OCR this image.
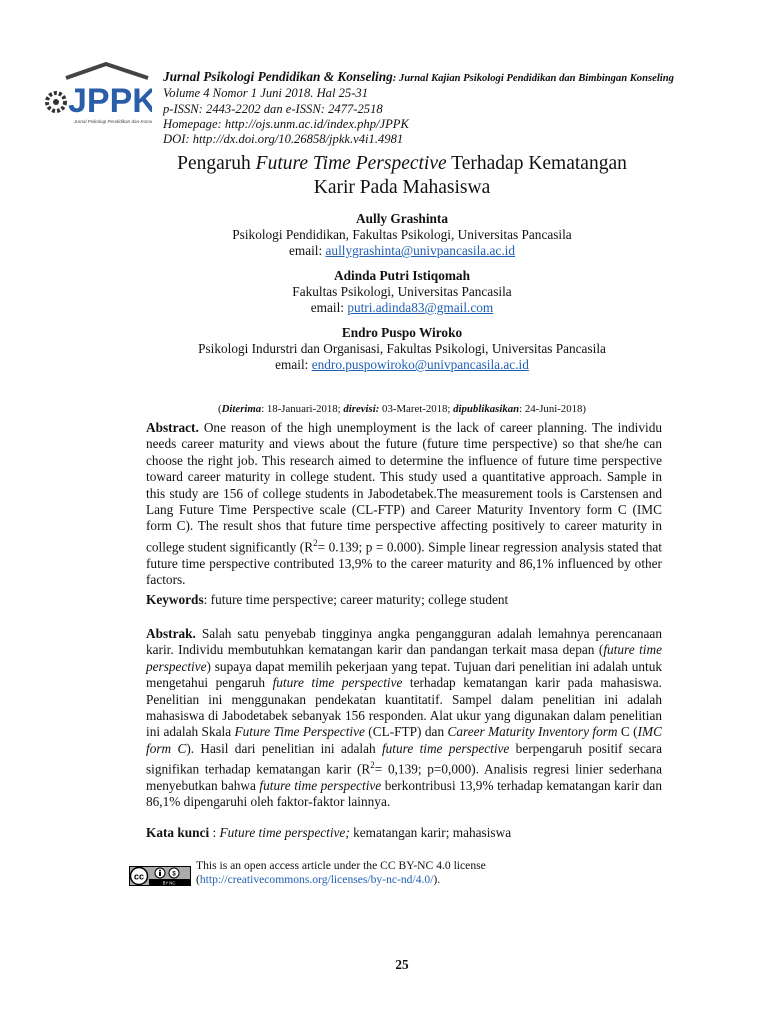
JPPK
Jurnal Psikologi Pendidikan dan Konseling
Jurnal Psikologi Pendidikan & Konseling: Jurnal Kajian Psikologi Pendidikan dan Bimbingan Konseling
Volume 4 Nomor 1 Juni 2018. Hal 25-31
p-ISSN: 2443-2202 dan e-ISSN: 2477-2518
Homepage: http://ojs.unm.ac.id/index.php/JPPK
DOI: http://dx.doi.org/10.26858/jpkk.v4i1.4981
Pengaruh Future Time Perspective Terhadap Kematangan
Karir Pada Mahasiswa
Aully Grashinta
Psikologi Pendidikan, Fakultas Psikologi, Universitas Pancasila
email: aullygrashinta@univpancasila.ac.id
Adinda Putri Istiqomah
Fakultas Psikologi, Universitas Pancasila
email: putri.adinda83@gmail.com
Endro Puspo Wiroko
Psikologi Indurstri dan Organisasi, Fakultas Psikologi, Universitas Pancasila
email: endro.puspowiroko@univpancasila.ac.id
(Diterima: 18-Januari-2018; direvisi: 03-Maret-2018; dipublikasikan: 24-Juni-2018)
Abstract. One reason of the high unemployment is the lack of career planning. The individu needs career maturity and views about the future (future time perspective) so that she/he can choose the right job. This research aimed to determine the influence of future time perspective toward career maturity in college student. This study used a quantitative approach. Sample in this study are 156 of college students in Jabodetabek.The measurement tools is Carstensen and Lang Future Time Perspective scale (CL-FTP) and Career Maturity Inventory form C (IMC form C). The result shos that future time perspective affecting positively to career maturity in college student significantly ($R^2= 0.139$; p = 0.000). Simple linear regression analysis stated that future time perspective contributed 13,9% to the career maturity and 86,1% influenced by other factors.
Keywords: future time perspective; career maturity; college student
Abstrak. Salah satu penyebab tingginya angka pengangguran adalah lemahnya perencanaan karir. Individu membutuhkan kematangan karir dan pandangan terkait masa depan (future time perspective) supaya dapat memilih pekerjaan yang tepat. Tujuan dari penelitian ini adalah untuk mengetahui pengaruh future time perspective terhadap kematangan karir pada mahasiswa. Penelitian ini menggunakan pendekatan kuantitatif. Sampel dalam penelitian ini adalah mahasiswa di Jabodetabek sebanyak 156 responden. Alat ukur yang digunakan dalam penelitian ini adalah Skala Future Time Perspective (CL-FTP) dan Career Maturity Inventory form C (IMC form C). Hasil dari penelitian ini adalah future time perspective berpengaruh positif secara signifikan terhadap kematangan karir ($R^2= 0,139$; p=0,000). Analisis regresi linier sederhana menyebutkan bahwa future time perspective berkontribusi 13,9% terhadap kematangan karir dan 86,1% dipengaruhi oleh faktor-faktor lainnya.
Kata kunci : Future time perspective; kematangan karir; mahasiswa
cc	$
BY NC
This is an open access article under the CC BY-NC 4.0 license
(http://creativecommons.org/licenses/by-nc-nd/4.0/).
25
